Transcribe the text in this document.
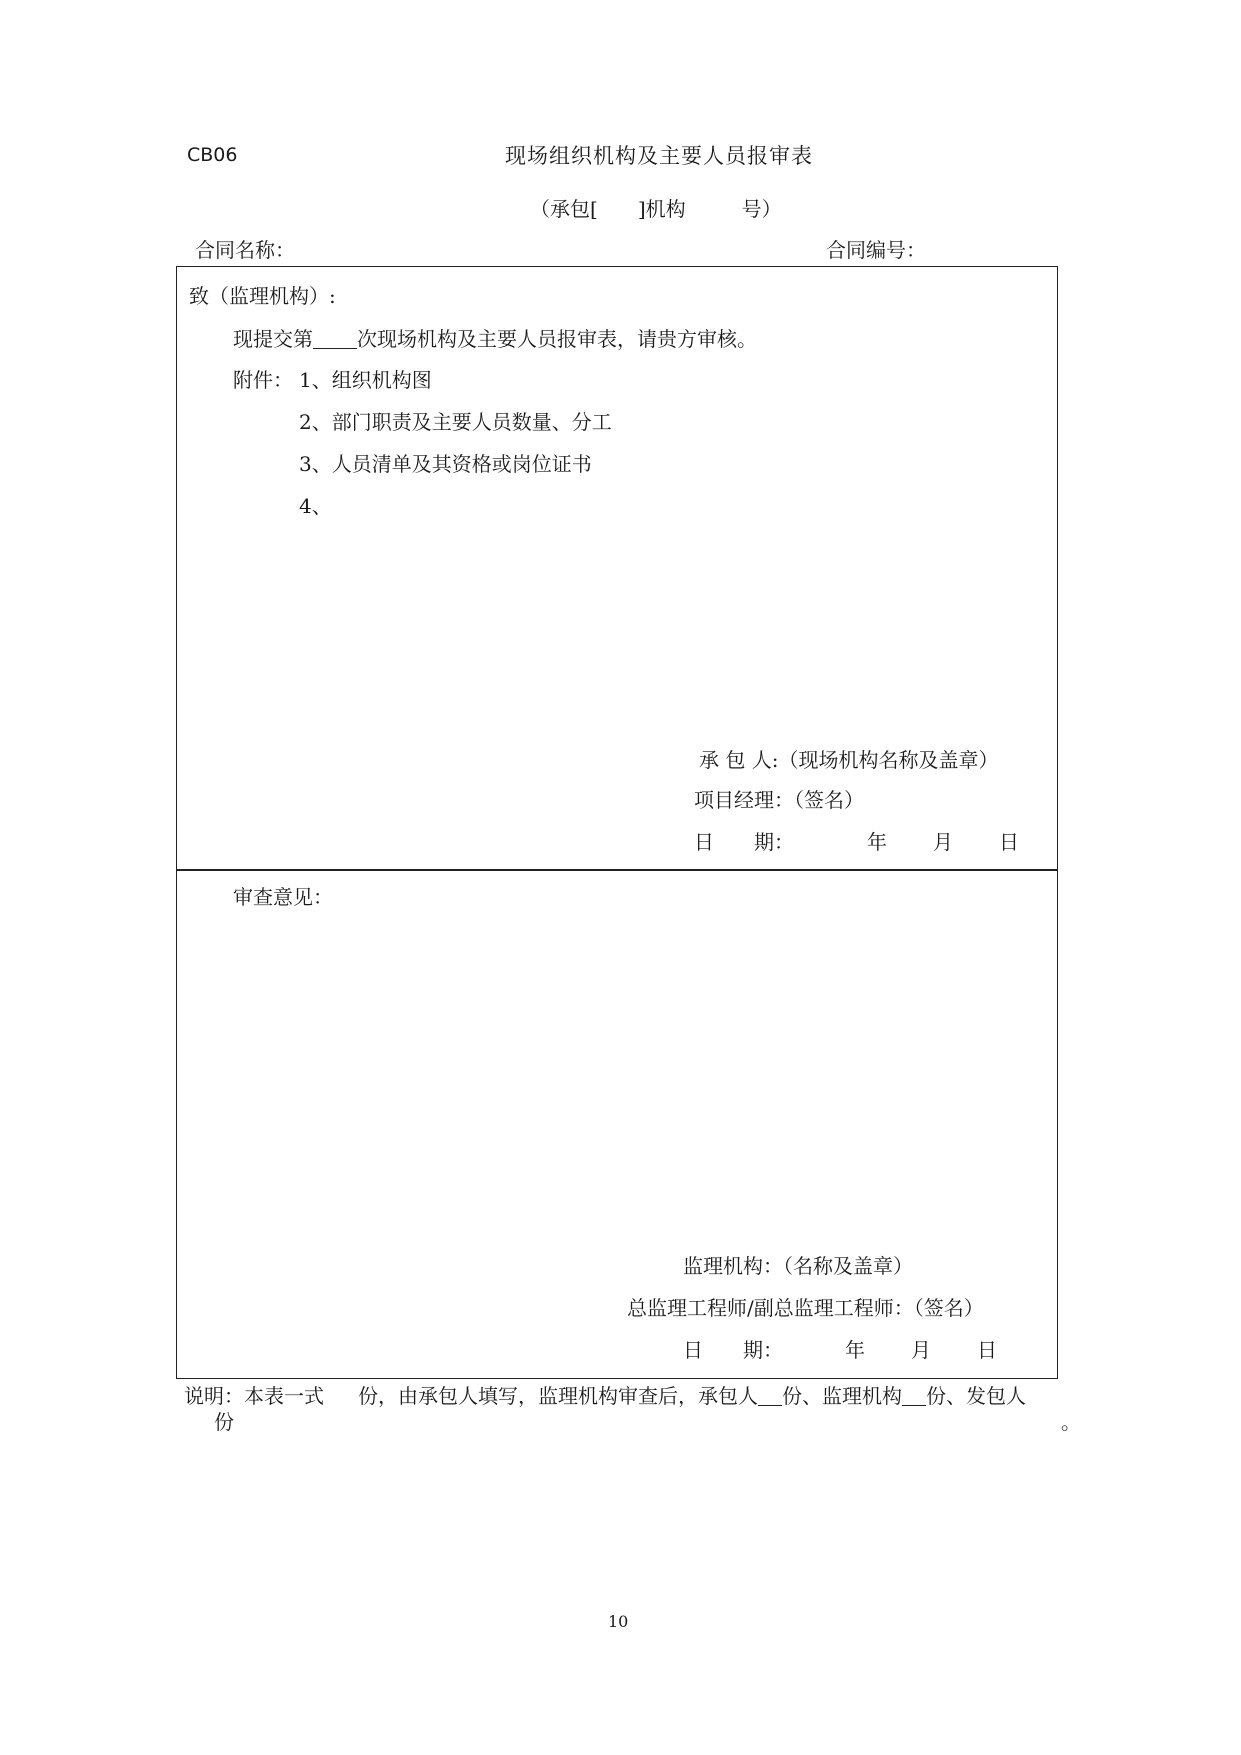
CB06	现场组织机构及主要人员报审表
（承包[ ]机构	号）
合同名称：	合同编号：
致（监理机构）:
现提交第 次现场机构及主要人员报审表，请贵方审核。
附件： 1、组织机构图
2、部门职责及主要人员数量、分工
3、人员清单及其资格或岗位证书
4、
承 包 人:（现场机构名称及盖章）
项目经理：（签名）
日　　期：	年 月 日
审查意见：
监理机构：（名称及盖章）
总监理工程师/副总监理工程师：（签名）
日　　期：	年 月 日
说明：本表一式 份，由承包人填写，监理机构审查后，承包人 份、监理机构 份、发包人
份	。
10
